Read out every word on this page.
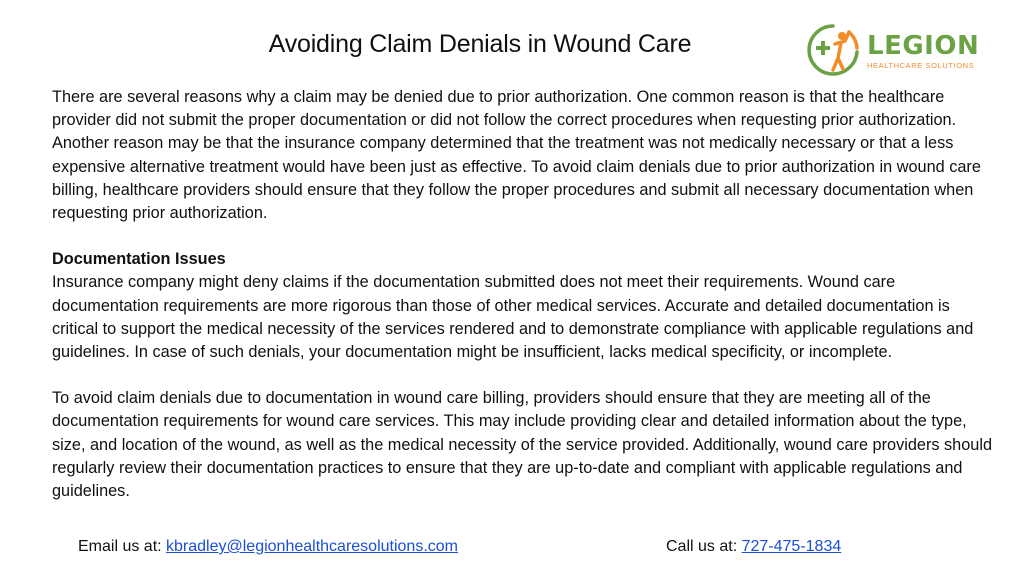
Avoiding Claim Denials in Wound Care	LEGION
HEALTHCARE SOLUTIONS

There are several reasons why a claim may be denied due to prior authorization. One common reason is that the healthcare provider did not submit the proper documentation or did not follow the correct procedures when requesting prior authorization. Another reason may be that the insurance company determined that the treatment was not medically necessary or that a less expensive alternative treatment would have been just as effective. To avoid claim denials due to prior authorization in wound care billing, healthcare providers should ensure that they follow the proper procedures and submit all necessary documentation when requesting prior authorization.

Documentation Issues

Insurance company might deny claims if the documentation submitted does not meet their requirements. Wound care documentation requirements are more rigorous than those of other medical services. Accurate and detailed documentation is critical to support the medical necessity of the services rendered and to demonstrate compliance with applicable regulations and guidelines. In case of such denials, your documentation might be insufficient, lacks medical specificity, or incomplete.

To avoid claim denials due to documentation in wound care billing, providers should ensure that they are meeting all of the documentation requirements for wound care services. This may include providing clear and detailed information about the type, size, and location of the wound, as well as the medical necessity of the service provided. Additionally, wound care providers should regularly review their documentation practices to ensure that they are up-to-date and compliant with applicable regulations and guidelines.

Email us at: kbradley@legionhealthcaresolutions.com	Call us at: 727-475-1834
